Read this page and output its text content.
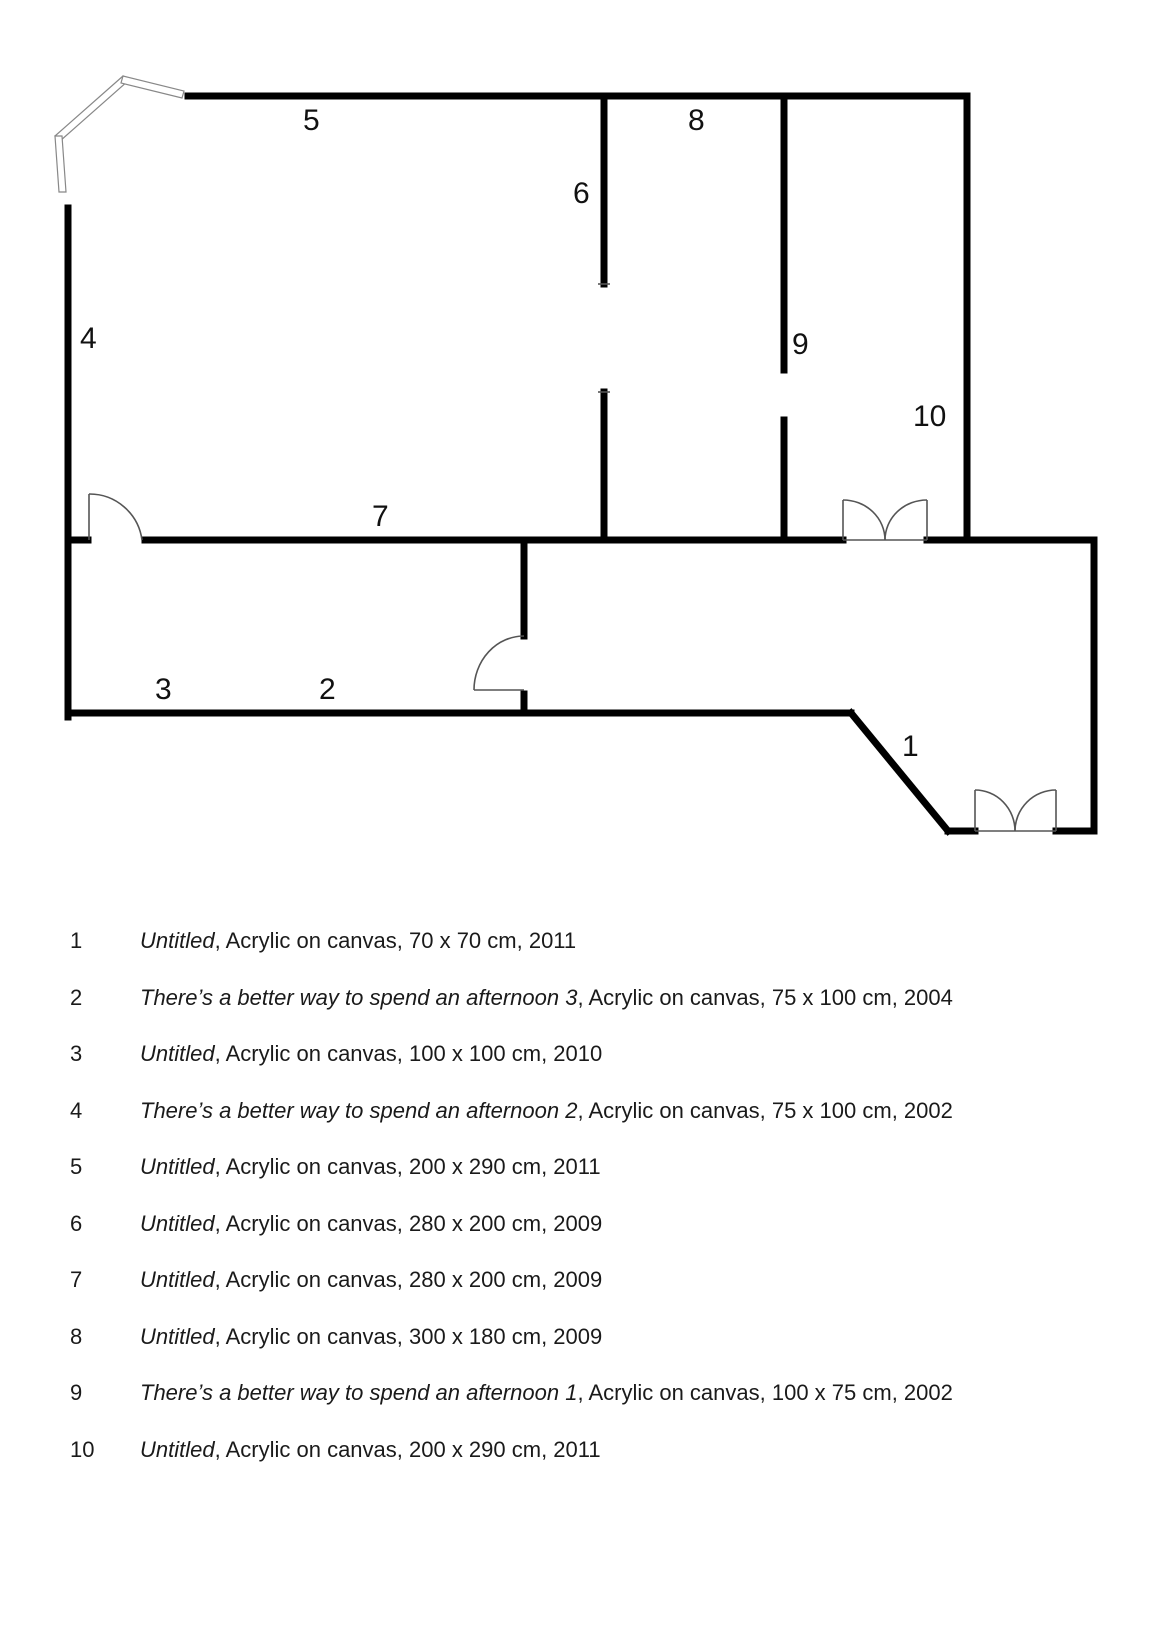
5	8
6
4	9
10
7
3	2
1
1	Untitled, Acrylic on canvas, 70 x 70 cm, 2011
2	There’s a better way to spend an afternoon 3, Acrylic on canvas, 75 x 100 cm, 2004
3	Untitled, Acrylic on canvas, 100 x 100 cm, 2010
4	There’s a better way to spend an afternoon 2, Acrylic on canvas, 75 x 100 cm, 2002
5	Untitled, Acrylic on canvas, 200 x 290 cm, 2011
6	Untitled, Acrylic on canvas, 280 x 200 cm, 2009
7	Untitled, Acrylic on canvas, 280 x 200 cm, 2009
8	Untitled, Acrylic on canvas, 300 x 180 cm, 2009
9	There’s a better way to spend an afternoon 1, Acrylic on canvas, 100 x 75 cm, 2002
10	Untitled, Acrylic on canvas, 200 x 290 cm, 2011
